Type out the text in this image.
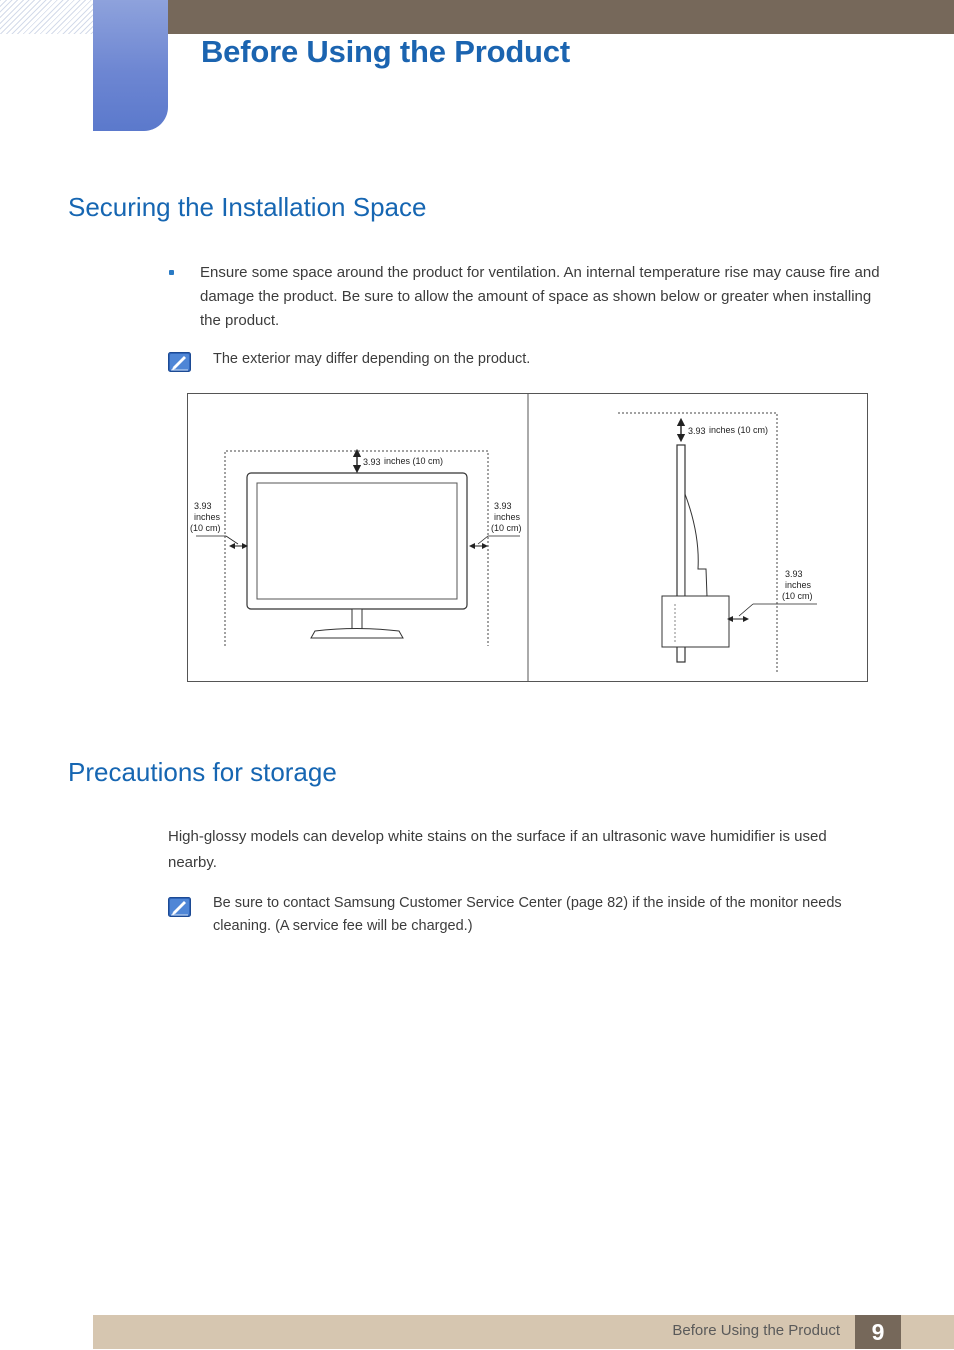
Before Using the Product
Securing the Installation Space

Ensure some space around the product for ventilation. An internal temperature rise may cause fire and damage the product. Be sure to allow the amount of space as shown below or greater when installing the product.

The exterior may differ depending on the product.

3.93 inches (10 cm)
3.93
inches
(10 cm)
3.93
inches
(10 cm)
3.93 inches (10 cm)
3.93
inches
(10 cm)
Precautions for storage

High-glossy models can develop white stains on the surface if an ultrasonic wave humidifier is used nearby.

Be sure to contact Samsung Customer Service Center (page 82) if the inside of the monitor needs cleaning. (A service fee will be charged.)

Before Using the Product	9
